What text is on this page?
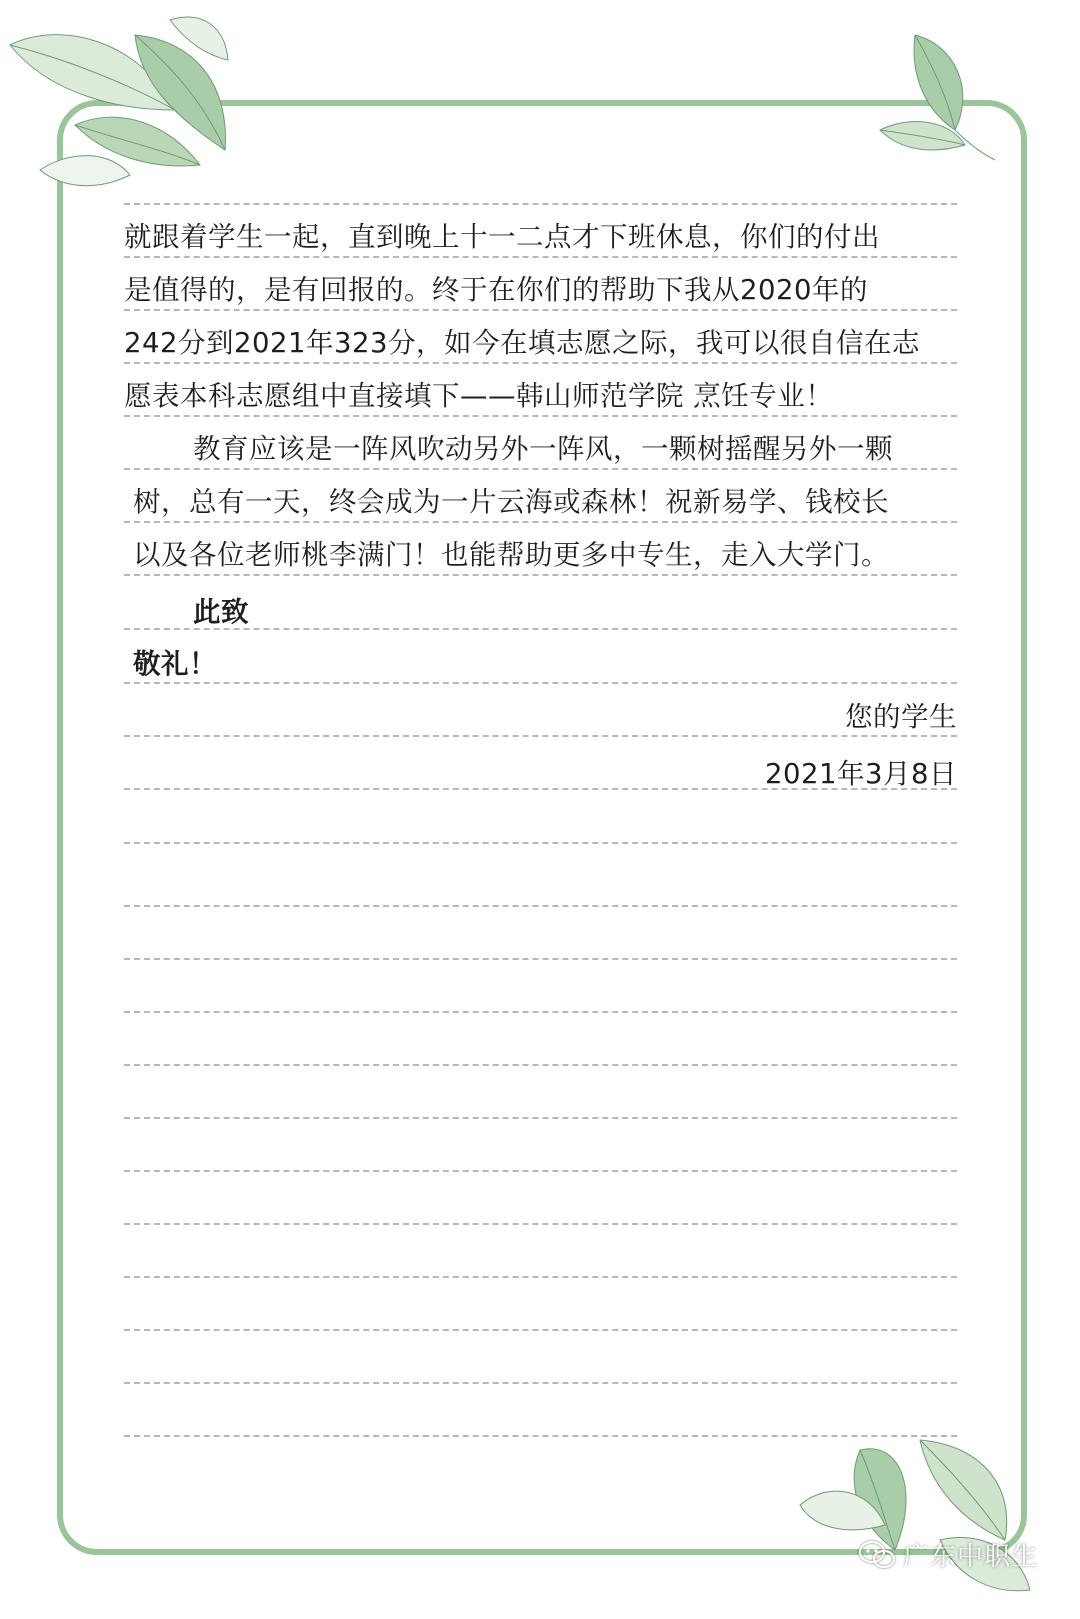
就跟着学生一起，直到晚上十一二点才下班休息，你们的付出
是值得的，是有回报的。终于在你们的帮助下我从2020年的
242分到2021年323分，如今在填志愿之际，我可以很自信在志
愿表本科志愿组中直接填下——韩山师范学院 烹饪专业！
教育应该是一阵风吹动另外一阵风，一颗树摇醒另外一颗
树，总有一天，终会成为一片云海或森林！祝新易学、钱校长
以及各位老师桃李满门！也能帮助更多中专生，走入大学门。
此致
敬礼！
您的学生
2021年3月8日
广东中职生
